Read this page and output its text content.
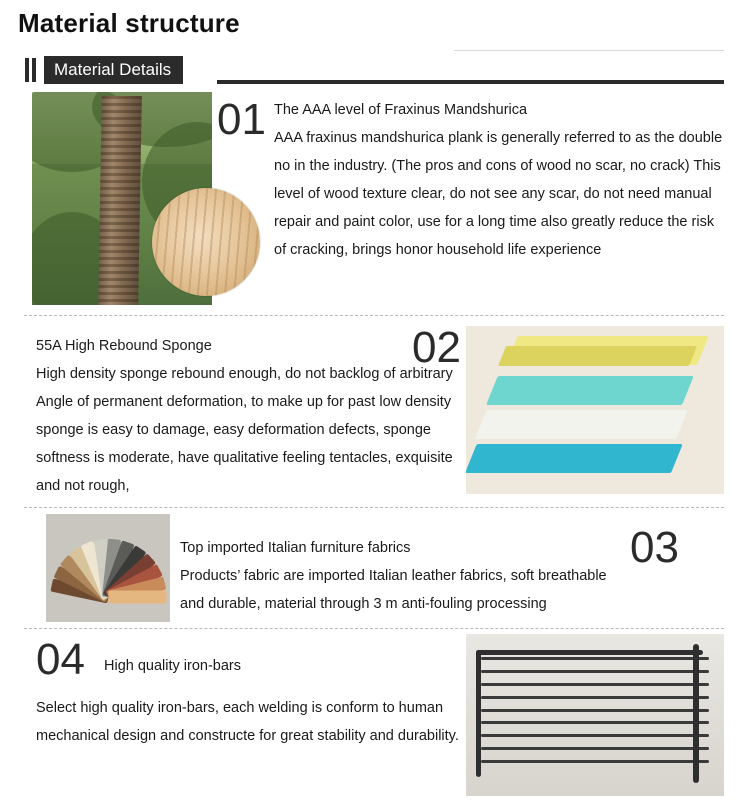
Material structure
Material Details
01 The AAA level of Fraxinus Mandshurica
AAA fraxinus mandshurica plank is generally referred to as the double no in the industry. (The pros and cons of wood no scar, no crack) This level of wood texture clear, do not see any scar, do not need manual repair and paint color, use for a long time also greatly reduce the risk of cracking, brings honor household life experience
02
55A High Rebound Sponge
High density sponge rebound enough, do not backlog of arbitrary Angle of permanent deformation, to make up for past low density sponge is easy to damage, easy deformation defects, sponge softness is moderate, have qualitative feeling tentacles, exquisite and not rough,
03
Top imported Italian furniture fabrics
Products’ fabric are imported Italian leather fabrics, soft breathable and durable, material through 3 m anti-fouling processing
04 High quality iron-bars
Select high quality iron-bars, each welding is conform to human mechanical design and constructe for great stability and durability.
